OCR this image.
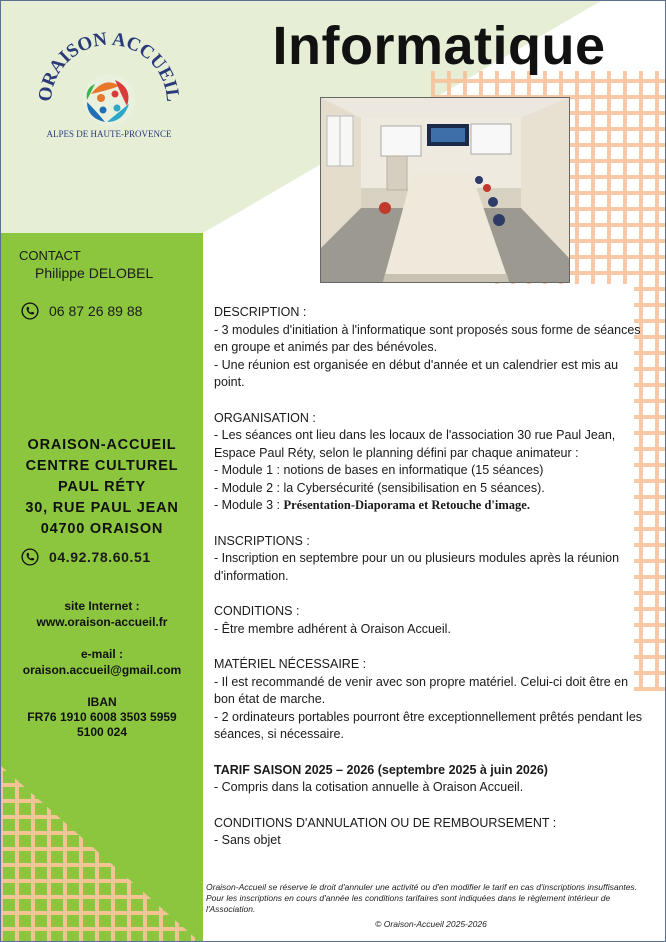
ORAISON ACCUEIL
ALPES DE HAUTE-PROVENCE
Informatique
CONTACT
Philippe DELOBEL
06 87 26 89 88
ORAISON-ACCUEIL
CENTRE CULTUREL
PAUL RÉTY
30, RUE PAUL JEAN
04700 ORAISON
04.92.78.60.51
site Internet :
www.oraison-accueil.fr
e-mail :
oraison.accueil@gmail.com
IBAN
FR76 1910 6008 3503 5959
5100 024
DESCRIPTION :
- 3 modules d'initiation à l'informatique sont proposés sous forme de séances en groupe et animés par des bénévoles.
- Une réunion est organisée en début d'année et un calendrier est mis au point.
ORGANISATION :
- Les séances ont lieu dans les locaux de l'association 30 rue Paul Jean, Espace Paul Réty, selon le planning défini par chaque animateur :
- Module 1 : notions de bases en informatique (15 séances)
- Module 2 : la Cybersécurité (sensibilisation en 5 séances).
- Module 3 : Présentation-Diaporama et Retouche d'image.
INSCRIPTIONS :
- Inscription en septembre pour un ou plusieurs modules après la réunion d'information.
CONDITIONS :
- Être membre adhérent à Oraison Accueil.
MATÉRIEL NÉCESSAIRE :
- Il est recommandé de venir avec son propre matériel. Celui-ci doit être en bon état de marche.
- 2 ordinateurs portables pourront être exceptionnellement prêtés pendant les séances, si nécessaire.
TARIF SAISON 2025 – 2026 (septembre 2025 à juin 2026)
- Compris dans la cotisation annuelle à Oraison Accueil.
CONDITIONS D'ANNULATION OU DE REMBOURSEMENT :
- Sans objet
Oraison-Accueil se réserve le droit d'annuler une activité ou d'en modifier le tarif en cas d'inscriptions insuffisantes. Pour les inscriptions en cours d'année les conditions tarifaires sont indiquées dans le règlement intérieur de l'Association.
© Oraison-Accueil 2025-2026
